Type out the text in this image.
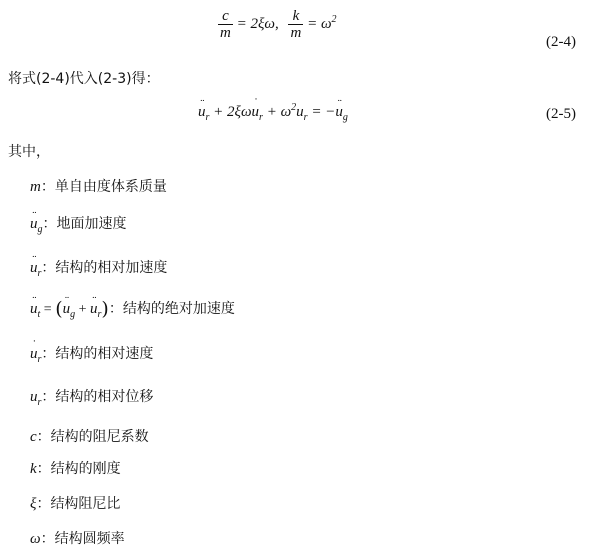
$\frac{c}{m} = 2\xi\omega$, $\frac{k}{m} = \omega^2$
(2-4)
将式(2-4)代入(2-3)得：
¨ $u_r$ + 2ξω˙ $u_r + \omega^2u_r$ = −¨ $u_g$	(2-5)
其中，
m：单自由度体系质量
¨ $u_g$：地面加速度
¨ $u_r$：结构的相对加速度
¨ $u_t$ = (¨ $u_g$ + ¨ $u_r$)：结构的绝对加速度
˙ $u_r$：结构的相对速度
$u_r$：结构的相对位移
c：结构的阻尼系数
k：结构的刚度
ξ：结构阻尼比
ω：结构圆频率
